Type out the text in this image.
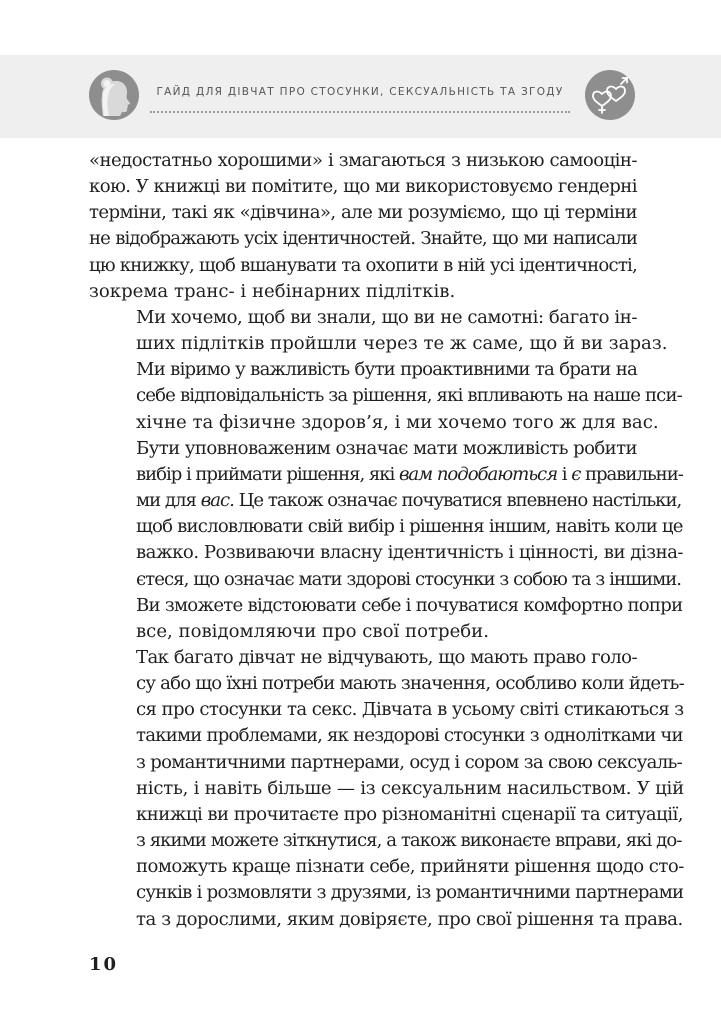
ГАЙД ДЛЯ ДІВЧАТ ПРО СТОСУНКИ, СЕКСУАЛЬНІСТЬ ТА ЗГОДУ

«недостатньо хорошими» і змагаються з низькою самооцін-
кою. У книжці ви помітите, що ми використовуємо гендерні
терміни, такі як «дівчина», але ми розуміємо, що ці терміни
не відображають усіх ідентичностей. Знайте, що ми написали
цю книжку, щоб вшанувати та охопити в ній усі ідентичності,
зокрема транс- і небінарних підлітків.

Ми хочемо, щоб ви знали, що ви не самотні: багато ін-
ших підлітків пройшли через те ж саме, що й ви зараз.

Ми віримо у важливість бути проактивними та брати на
себе відповідальність за рішення, які впливають на наше пси-
хічне та фізичне здоров’я, і ми хочемо того ж для вас.

Бути уповноваженим означає мати можливість робити
вибір і приймати рішення, які вам подобаються і є правильни-
ми для вас. Це також означає почуватися впевнено настільки,
щоб висловлювати свій вибір і рішення іншим, навіть коли це
важко. Розвиваючи власну ідентичність і цінності, ви дізна-
єтеся, що означає мати здорові стосунки з собою та з іншими.
Ви зможете відстоювати себе і почуватися комфортно попри
все, повідомляючи про свої потреби.

Так багато дівчат не відчувають, що мають право голо-
су або що їхні потреби мають значення, особливо коли йдеть-
ся про стосунки та секс. Дівчата в усьому світі стикаються з
такими проблемами, як нездорові стосунки з однолітками чи
з романтичними партнерами, осуд і сором за свою сексуаль-
ність, і навіть більше — із сексуальним насильством. У цій
книжці ви прочитаєте про різноманітні сценарії та ситуації,
з якими можете зіткнутися, а також виконаєте вправи, які до-
поможуть краще пізнати себе, прийняти рішення щодо сто-
сунків і розмовляти з друзями, із романтичними партнерами
та з дорослими, яким довіряєте, про свої рішення та права.

10
